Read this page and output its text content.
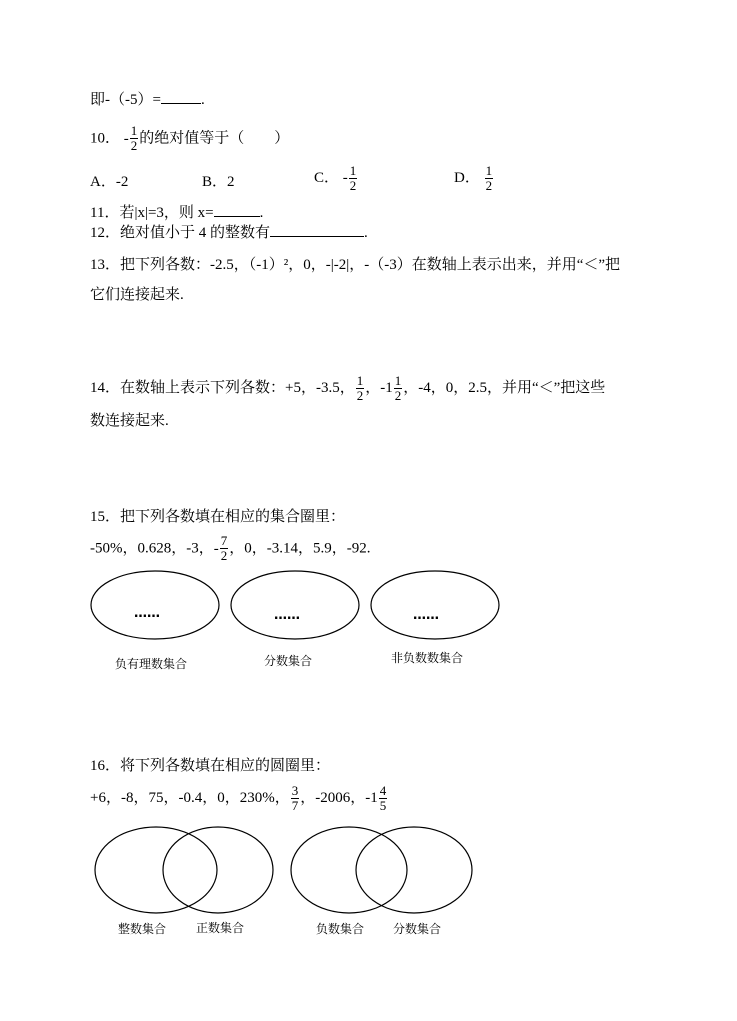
即-（-5）=	.
10． - $\frac{1}{2}$ 的绝对值等于（　　）
A．-2	B．2	C． - $\frac{1}{2}$	D． $\frac{1}{2}$
11．若|x|=3，则 x=	.
12．绝对值小于 4 的整数有	.
13．把下列各数：-2.5，（-1）²，0，-|-2|，-（-3）在数轴上表示出来，并用“＜”把
它们连接起来.
14．在数轴上表示下列各数：+5，-3.5， $\frac{1}{2}$ ，$-1 \frac{1}{2}$ ，-4，0，2.5，并用“＜”把这些
数连接起来.
15．把下列各数填在相应的集合圈里：
-50%，0.628，-3， - $\frac{7}{2}$ ，0，-3.14，5.9，-92.
16．将下列各数填在相应的圆圈里：
+6，-8，75，-0.4，0，230%， $\frac{3}{7}$ ，-2006，$-1 \frac{4}{5}$
……	……	……
负有理数集合	分数集合	非负数数集合
整数集合 正数集合	负数集合 分数集合
